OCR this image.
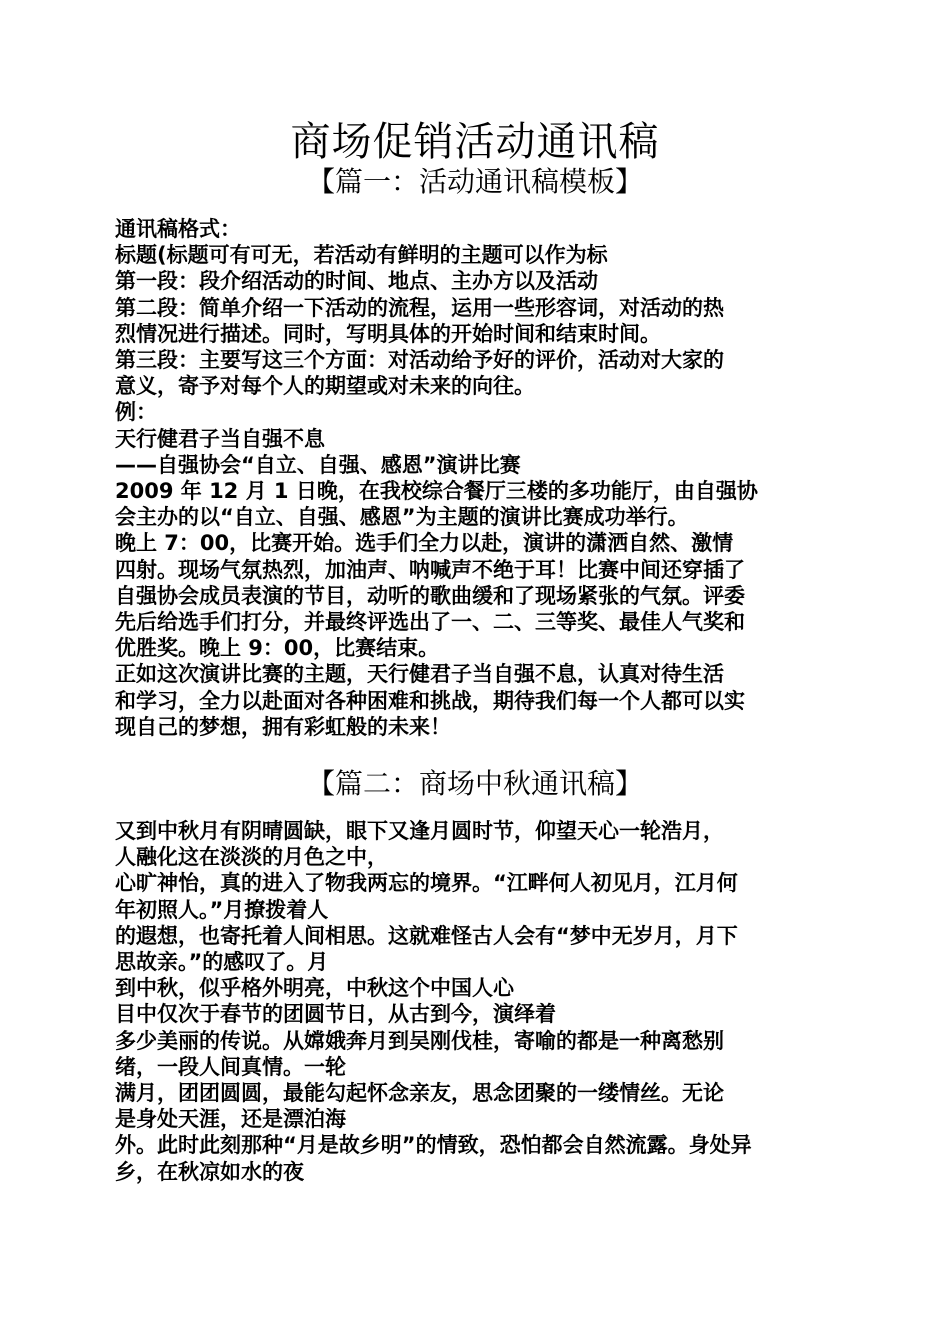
商场促销活动通讯稿
【篇一：活动通讯稿模板】

通讯稿格式：

标题(标题可有可无，若活动有鲜明的主题可以作为标

第一段：段介绍活动的时间、地点、主办方以及活动

第二段：简单介绍一下活动的流程，运用一些形容词，对活动的热

烈情况进行描述。同时，写明具体的开始时间和结束时间。

第三段：主要写这三个方面：对活动给予好的评价，活动对大家的

意义，寄予对每个人的期望或对未来的向往。

例：

天行健君子当自强不息

——自强协会“自立、自强、感恩”演讲比赛

2009 年 12 月 1 日晚，在我校综合餐厅三楼的多功能厅，由自强协

会主办的以“自立、自强、感恩”为主题的演讲比赛成功举行。

晚上 7：00，比赛开始。选手们全力以赴，演讲的潇洒自然、激情

四射。现场气氛热烈，加油声、呐喊声不绝于耳！比赛中间还穿插了

自强协会成员表演的节目，动听的歌曲缓和了现场紧张的气氛。评委

先后给选手们打分，并最终评选出了一、二、三等奖、最佳人气奖和

优胜奖。晚上 9：00，比赛结束。

正如这次演讲比赛的主题，天行健君子当自强不息，认真对待生活

和学习，全力以赴面对各种困难和挑战，期待我们每一个人都可以实

现自己的梦想，拥有彩虹般的未来！

【篇二：商场中秋通讯稿】

又到中秋月有阴晴圆缺，眼下又逢月圆时节，仰望天心一轮浩月，

人融化这在淡淡的月色之中，

心旷神怡，真的进入了物我两忘的境界。“江畔何人初见月，江月何

年初照人。”月撩拨着人

的遐想，也寄托着人间相思。这就难怪古人会有“梦中无岁月，月下

思故亲。”的感叹了。月

到中秋，似乎格外明亮，中秋这个中国人心

目中仅次于春节的团圆节日，从古到今，演绎着

多少美丽的传说。从嫦娥奔月到吴刚伐桂，寄喻的都是一种离愁别

绪，一段人间真情。一轮

满月，团团圆圆，最能勾起怀念亲友，思念团聚的一缕情丝。无论

是身处天涯，还是漂泊海

外。此时此刻那种“月是故乡明”的情致，恐怕都会自然流露。身处异

乡，在秋凉如水的夜
